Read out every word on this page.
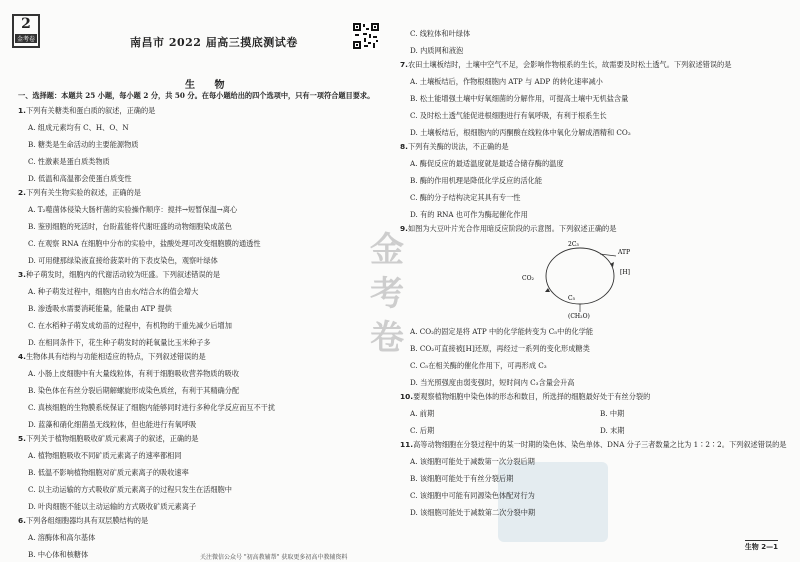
2
金考卷	南昌市 2022 届高三摸底测试卷
生 物
一、选择题：本题共 25 小题，每小题 2 分，共 50 分。在每小题给出的四个选项中，只有一项符合题目要求。
1.下列有关糖类和蛋白质的叙述，正确的是
A. 组成元素均有 C、H、O、N
B. 糖类是生命活动的主要能源物质
C. 性激素是蛋白质类物质
D. 低温和高温都会使蛋白质变性
2.下列有关生物实验的叙述，正确的是
A. T₂噬菌体侵染大肠杆菌的实验操作顺序：搅拌→短暂保温→离心
B. 鉴别细胞的死活时，台盼蓝能将代谢旺盛的动物细胞染成蓝色
C. 在观察 RNA 在细胞中分布的实验中，盐酸处理可改变细胞膜的通透性
D. 可用健那绿染液直接给菠菜叶的下表皮染色，观察叶绿体
3.种子萌发时，细胞内的代谢活动较为旺盛。下列叙述错误的是
A. 种子萌发过程中，细胞内自由水/结合水的值会增大
B. 渗透吸水需要消耗能量，能量由 ATP 提供
C. 在水稻种子萌发成幼苗的过程中，有机物的干重先减少后增加
D. 在相同条件下，花生种子萌发时的耗氧量比玉米种子多
4.生物体具有结构与功能相适应的特点，下列叙述错误的是
A. 小肠上皮细胞中有大量线粒体，有利于细胞吸收营养物质的吸收
B. 染色体在有丝分裂后期解螺旋形成染色质丝，有利于其精确分配
C. 真核细胞的生物膜系统保证了细胞内能够同时进行多种化学反应而互不干扰
D. 蓝藻和硝化细菌虽无线粒体，但也能进行有氧呼吸
5.下列关于植物细胞吸收矿质元素离子的叙述，正确的是
A. 植物细胞吸收不同矿质元素离子的速率都相同
B. 低温不影响植物细胞对矿质元素离子的吸收速率
C. 以主动运输的方式吸收矿质元素离子的过程只发生在活细胞中
D. 叶肉细胞不能以主动运输的方式吸收矿质元素离子
6.下列各组细胞器均具有双层膜结构的是
A. 溶酶体和高尔基体
B. 中心体和核糖体
金考卷
C. 线粒体和叶绿体
D. 内质网和液泡
7.农田土壤板结时，土壤中空气不足，会影响作物根系的生长，故需要及时松土透气。下列叙述错误的是
A. 土壤板结后，作物根细胞内 ATP 与 ADP 的转化速率减小
B. 松土能增强土壤中好氧细菌的分解作用，可提高土壤中无机盐含量
C. 及时松土透气能促进根细胞进行有氧呼吸，有利于根系生长
D. 土壤板结后，根细胞内的丙酮酸在线粒体中氧化分解成酒精和 CO₂
8.下列有关酶的说法，不正确的是
A. 酶促反应的最适温度就是最适合储存酶的温度
B. 酶的作用机理是降低化学反应的活化能
C. 酶的分子结构决定其具有专一性
D. 有的 RNA 也可作为酶起催化作用
9.如图为大豆叶片光合作用暗反应阶段的示意图。下列叙述正确的是
2C₃
ATP
[H]
CO₂
C₅
(CH₂O)
A. CO₂的固定是将 ATP 中的化学能转变为 C₅中的化学能
B. CO₂可直接被[H]还原，再经过一系列的变化形成糖类
C. C₅在相关酶的催化作用下，可再形成 C₃
D. 当光照强度由弱变强时，短时间内 C₃含量会升高
10.要观察植物细胞中染色体的形态和数目，所选择的细胞最好处于有丝分裂的
A. 前期	B. 中期
C. 后期	D. 末期
11.高等动物细胞在分裂过程中的某一时期的染色体、染色单体、DNA 分子三者数量之比为 1∶2∶2。下列叙述错误的是
A. 该细胞可能处于减数第一次分裂后期
B. 该细胞可能处于有丝分裂后期
C. 该细胞中可能有同源染色体配对行为
D. 该细胞可能处于减数第二次分裂中期
关注微信公众号 "初高教辅帮" 获取更多初高中教辅资料
生物 2—1
